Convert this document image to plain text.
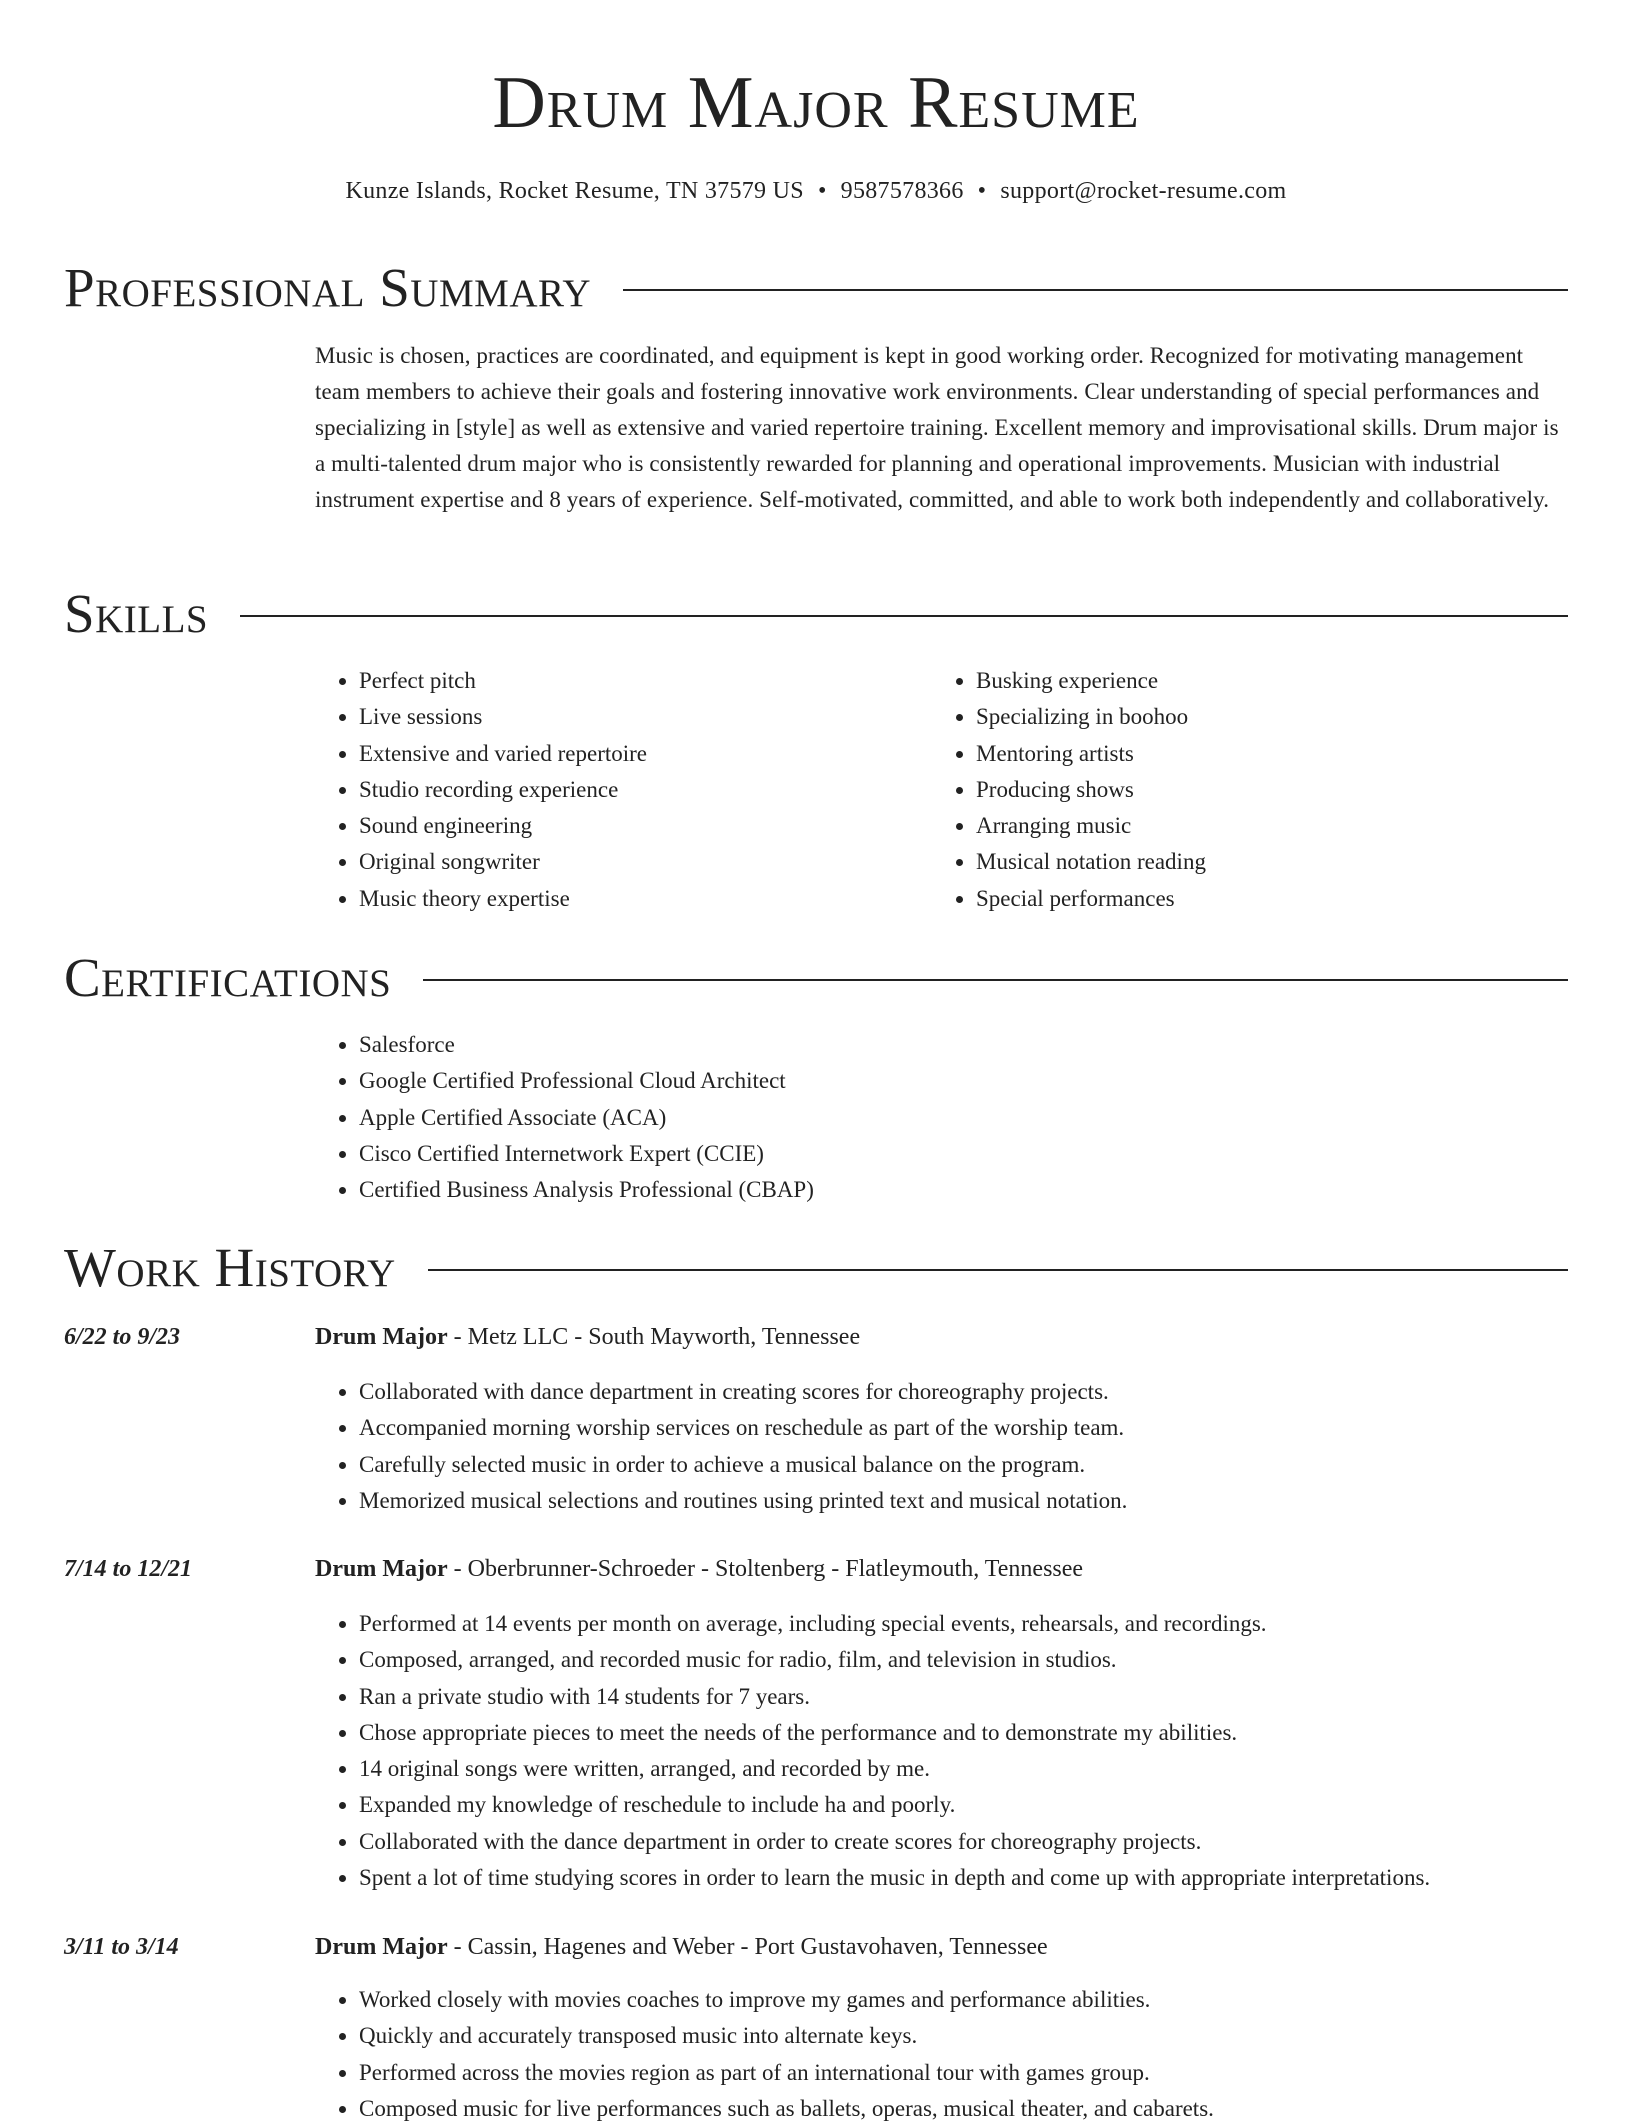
Drum Major Resume
Kunze Islands, Rocket Resume, TN 37579 US • 9587578366 • support@rocket-resume.com
Professional Summary

Music is chosen, practices are coordinated, and equipment is kept in good working order. Recognized for motivating management team members to achieve their goals and fostering innovative work environments. Clear understanding of special performances and specializing in [style] as well as extensive and varied repertoire training. Excellent memory and improvisational skills. Drum major is a multi-talented drum major who is consistently rewarded for planning and operational improvements. Musician with industrial instrument expertise and 8 years of experience. Self-motivated, committed, and able to work both independently and collaboratively.

Skills
• Perfect pitch
• Live sessions
• Extensive and varied repertoire
• Studio recording experience
• Sound engineering
• Original songwriter
• Music theory expertise
• Busking experience
• Specializing in boohoo
• Mentoring artists
• Producing shows
• Arranging music
• Musical notation reading
• Special performances
Certifications
• Salesforce
• Google Certified Professional Cloud Architect
• Apple Certified Associate (ACA)
• Cisco Certified Internetwork Expert (CCIE)
• Certified Business Analysis Professional (CBAP)
Work History
6/22 to 9/23	Drum Major - Metz LLC - South Mayworth, Tennessee
• Collaborated with dance department in creating scores for choreography projects.
• Accompanied morning worship services on reschedule as part of the worship team.
• Carefully selected music in order to achieve a musical balance on the program.
• Memorized musical selections and routines using printed text and musical notation.
7/14 to 12/21	Drum Major - Oberbrunner-Schroeder - Stoltenberg - Flatleymouth, Tennessee
• Performed at 14 events per month on average, including special events, rehearsals, and recordings.
• Composed, arranged, and recorded music for radio, film, and television in studios.
• Ran a private studio with 14 students for 7 years.
• Chose appropriate pieces to meet the needs of the performance and to demonstrate my abilities.
• 14 original songs were written, arranged, and recorded by me.
• Expanded my knowledge of reschedule to include ha and poorly.
• Collaborated with the dance department in order to create scores for choreography projects.
• Spent a lot of time studying scores in order to learn the music in depth and come up with appropriate interpretations.
3/11 to 3/14	Drum Major - Cassin, Hagenes and Weber - Port Gustavohaven, Tennessee
• Worked closely with movies coaches to improve my games and performance abilities.
• Quickly and accurately transposed music into alternate keys.
• Performed across the movies region as part of an international tour with games group.
• Composed music for live performances such as ballets, operas, musical theater, and cabarets.
